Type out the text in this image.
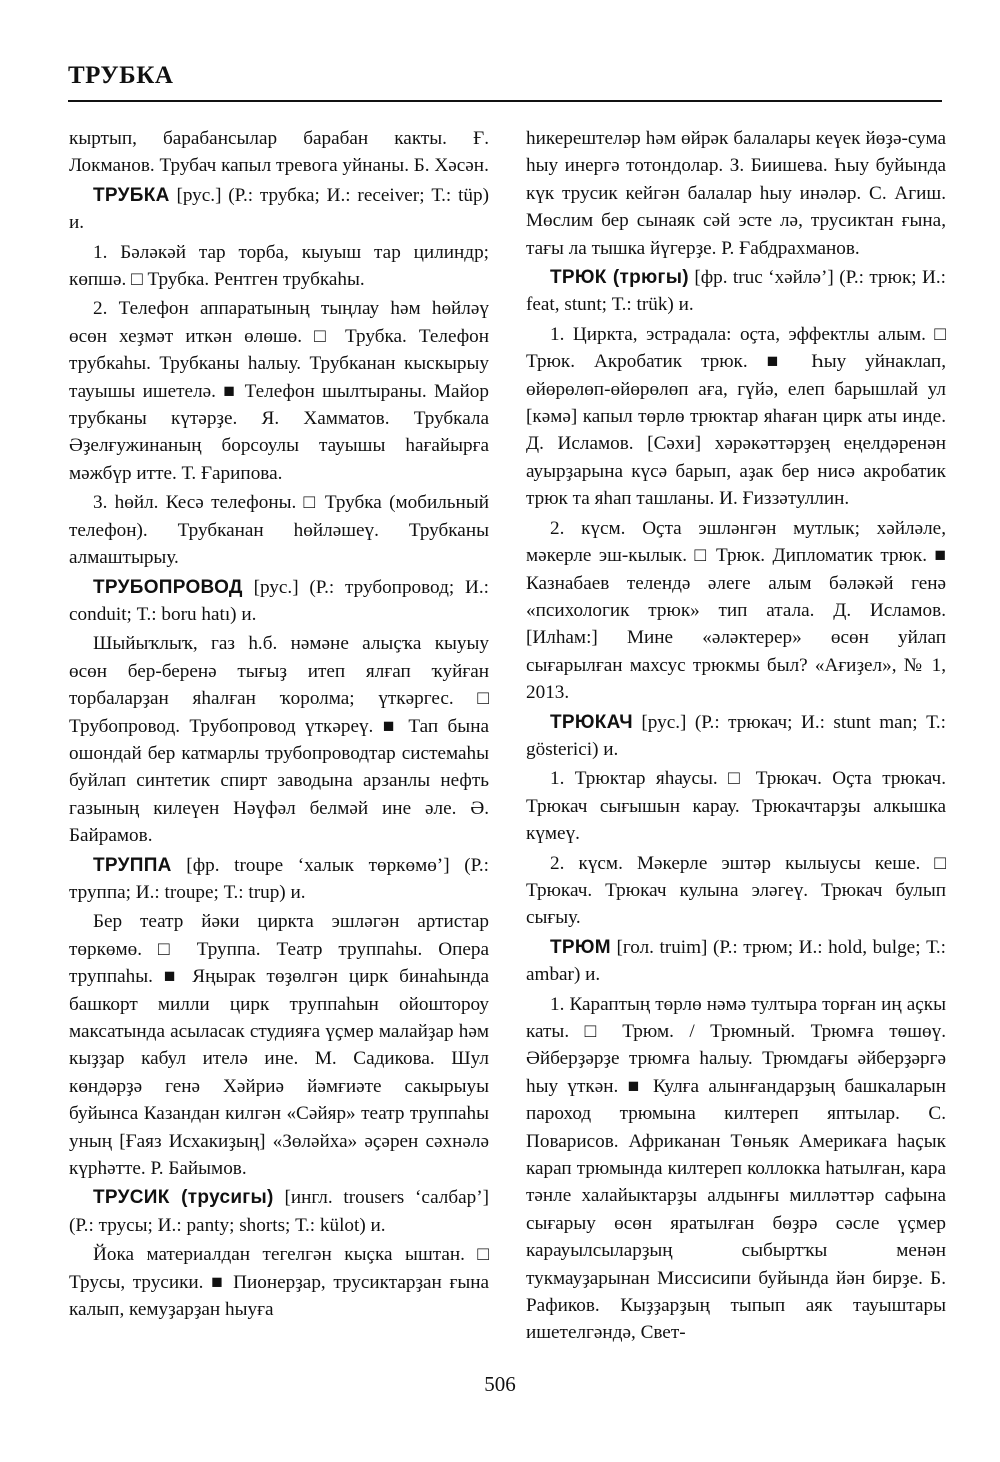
ТРУБКА

кыртып, барабансылар барабан какты. Ғ. Локманов. Трубач капыл тревога уйнаны. Б. Хәсән.

ТРУБКА [рус.] (Р.: трубка; И.: receiver; Т.: tüp) и.

1. Бәләкәй тар торба, кыуыш тар цилиндр; көпшә. □ Трубка. Рентген трубкаһы.

2. Телефон аппаратының тыңлау һәм һөйләү өсөн хеҙмәт иткән өлөшө. □ Трубка. Телефон трубкаһы. Трубканы һалыу. Трубканан кыскырыу тауышы ишетелә. ■ Телефон шылтыраны. Майор трубканы күтәрҙе. Я. Хамматов. Трубкала Әҙелғужинаның борсоулы тауышы һағайырға мәжбүр итте. Т. Ғарипова.

3. һөйл. Кесә телефоны. □ Трубка (мобильный телефон). Трубканан һөйләшеү. Трубканы алмаштырыу.

ТРУБОПРОВОД [рус.] (Р.: трубопровод; И.: conduit; Т.: boru hatı) и.

Шыйыҡлыҡ, газ һ.б. нәмәне алыҫҡа кыуыу өсөн бер-беренә тығыҙ итеп ялғап ҡуйған торбаларҙан яһалған ҡоролма; үткәргес. □ Трубопровод. Трубопровод үткәреү. ■ Тап бына ошондай бер катмарлы трубопроводтар системаһы буйлап синтетик спирт заводына арзанлы нефть газының килеүен Нәүфәл белмәй ине әле. Ә. Байрамов.

ТРУППА [фр. troupe ‘халык төркөмө’] (Р.: труппа; И.: troupe; Т.: trup) и.

Бер театр йәки циркта эшләгән артистар төркөмө. □ Труппа. Театр труппаһы. Опера труппаһы. ■ Яңырак төҙөлгән цирк бинаһында башкорт милли цирк труппаһын ойоштороу максатында асыласак студияға үҫмер малайҙар һәм кыҙҙар кабул ителә ине. М. Садикова. Шул көндәрҙә генә Хәйриә йәмғиәте сакырыуы буйынса Казандан килгән «Сәйяр» театр труппаһы уның [Ғаяз Исхакиҙың] «Зөләйха» әҫәрен сәхнәлә күрһәтте. Р. Байымов.

ТРУСИК (трусигы) [ингл. trousers ‘салбар’] (Р.: трусы; И.: panty; shorts; Т.: külot) и.

Йока материалдан тегелгән кыҫка ыштан. □ Трусы, трусики. ■ Пионерҙар, трусиктарҙан ғына калып, кемуҙарҙан һыуға

һикерештеләр һәм өйрәк балалары кеүек йөҙә-сума һыу инергә тотондолар. З. Биишева. Һыу буйында күк трусик кейгән балалар һыу инәләр. С. Агиш. Мөслим бер сынаяк сәй эсте лә, трусиктан ғына, тағы ла тышка йүгерҙе. Р. Ғабдрахманов.

ТРЮК (трюгы) [фр. truc ‘хәйлә’] (Р.: трюк; И.: feat, stunt; Т.: trük) и.

1. Циркта, эстрадала: оҫта, эффектлы алым. □ Трюк. Акробатик трюк. ■ Һыу уйнаклап, өйөрөлөп-өйөрөлөп аға, гүйә, елеп барышлай ул [кәмә] капыл төрлө трюктар яһаған цирк аты инде. Д. Исламов. [Сәхи] хәрәкәттәрҙең еңелдәренән ауырҙарына күсә барып, аҙак бер нисә акробатик трюк та яһап ташланы. И. Ғиззәтуллин.

2. күсм. Оҫта эшләнгән мутлык; хәйләле, мәкерле эш-кылык. □ Трюк. Дипломатик трюк. ■ Казнабаев телендә әлеге алым бәләкәй генә «психологик трюк» тип атала. Д. Исламов. [Илһам:] Мине «әләктерер» өсөн уйлап сығарылған махсус трюкмы был? «Ағиҙел», № 1, 2013.

ТРЮКАЧ [рус.] (Р.: трюкач; И.: stunt man; Т.: gösterici) и.

1. Трюктар яһаусы. □ Трюкач. Оҫта трюкач. Трюкач сығышын карау. Трюкачтарҙы алкышка күмеү.

2. күсм. Мәкерле эштәр кылыусы кеше. □ Трюкач. Трюкач кулына эләгеү. Трюкач булып сығыу.

ТРЮМ [гол. truim] (Р.: трюм; И.: hold, bulge; Т.: ambar) и.

1. Караптың төрлө нәмә тултыра торған иң аҫкы каты. □ Трюм. / Трюмный. Трюмға төшөү. Әйберҙәрҙе трюмға һалыу. Трюмдағы әйберҙәргә һыу үткән. ■ Кулға алынғандарҙың башкаларын пароход трюмына килтереп яптылар. С. Поварисов. Африканан Төньяк Америкаға һаҫык карап трюмында килтереп коллокка һатылған, кара тәнле халайыктарҙы алдынғы милләттәр сафына сығарыу өсөн яратылған бөҙрә сәсле үҫмер карауылсыларҙың сыбыртҡы менән тукмауҙарынан Миссисипи буйында йән бирҙе. Б. Рафиков. Кыҙҙарҙың тыпып аяк тауыштары ишетелгәндә, Свет-

506
